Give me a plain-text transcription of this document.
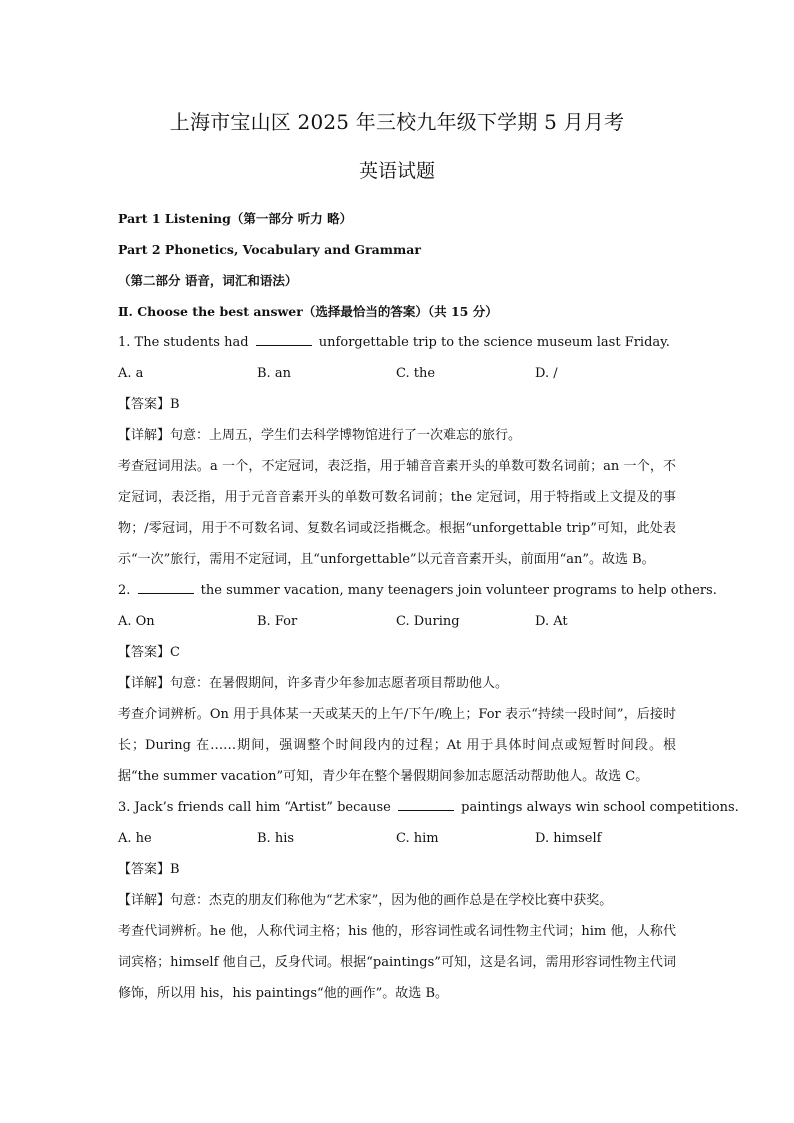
上海市宝山区 2025 年三校九年级下学期 5 月月考
英语试题
Part 1 Listening（第一部分 听力 略）
Part 2 Phonetics, Vocabulary and Grammar
（第二部分 语音，词汇和语法）
Ⅱ. Choose the best answer（选择最恰当的答案）（共 15 分）
1. The students had	unforgettable trip to the science museum last Friday.
A. a	B. an	C. the	D. /
【答案】B
【详解】句意：上周五，学生们去科学博物馆进行了一次难忘的旅行。
考查冠词用法。a 一个，不定冠词，表泛指，用于辅音音素开头的单数可数名词前；an 一个，不定冠词，表泛指，用于元音音素开头的单数可数名词前；the 定冠词，用于特指或上文提及的事物；/零冠词，用于不可数名词、复数名词或泛指概念。根据“unforgettable trip”可知，此处表示“一次”旅行，需用不定冠词，且“unforgettable”以元音音素开头，前面用“an”。故选 B。
2.	the summer vacation, many teenagers join volunteer programs to help others.
A. On	B. For	C. During	D. At
【答案】C
【详解】句意：在暑假期间，许多青少年参加志愿者项目帮助他人。
考查介词辨析。On 用于具体某一天或某天的上午/下午/晚上；For 表示“持续一段时间”，后接时长；During 在……期间，强调整个时间段内的过程；At 用于具体时间点或短暂时间段。根据“the summer vacation”可知，青少年在整个暑假期间参加志愿活动帮助他人。故选 C。
3. Jack’s friends call him “Artist” because	paintings always win school competitions.
A. he	B. his	C. him	D. himself
【答案】B
【详解】句意：杰克的朋友们称他为“艺术家”，因为他的画作总是在学校比赛中获奖。
考查代词辨析。he 他，人称代词主格；his 他的，形容词性或名词性物主代词；him 他，人称代词宾格；himself 他自己，反身代词。根据“paintings”可知，这是名词，需用形容词性物主代词修饰，所以用 his，his paintings“他的画作”。故选 B。
